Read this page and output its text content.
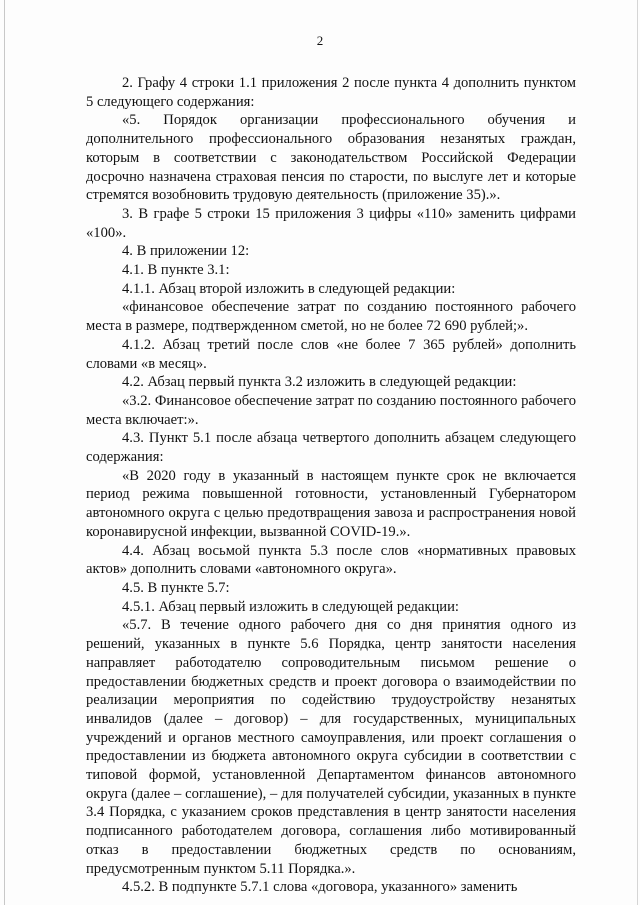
2

2. Графу 4 строки 1.1 приложения 2 после пункта 4 дополнить пунктом 5 следующего содержания:

«5. Порядок организации профессионального обучения и дополнительного профессионального образования незанятых граждан, которым в соответствии с законодательством Российской Федерации досрочно назначена страховая пенсия по старости, по выслуге лет и которые стремятся возобновить трудовую деятельность (приложение 35).».

3. В графе 5 строки 15 приложения 3 цифры «110» заменить цифрами «100».

4. В приложении 12:

4.1. В пункте 3.1:

4.1.1. Абзац второй изложить в следующей редакции:

«финансовое обеспечение затрат по созданию постоянного рабочего места в размере, подтвержденном сметой, но не более 72 690 рублей;».

4.1.2. Абзац третий после слов «не более 7 365 рублей» дополнить словами «в месяц».

4.2. Абзац первый пункта 3.2 изложить в следующей редакции:

«3.2. Финансовое обеспечение затрат по созданию постоянного рабочего места включает:».

4.3. Пункт 5.1 после абзаца четвертого дополнить абзацем следующего содержания:

«В 2020 году в указанный в настоящем пункте срок не включается период режима повышенной готовности, установленный Губернатором автономного округа с целью предотвращения завоза и распространения новой коронавирусной инфекции, вызванной COVID-19.».

4.4. Абзац восьмой пункта 5.3 после слов «нормативных правовых актов» дополнить словами «автономного округа».

4.5. В пункте 5.7:

4.5.1. Абзац первый изложить в следующей редакции:

«5.7. В течение одного рабочего дня со дня принятия одного из решений, указанных в пункте 5.6 Порядка, центр занятости населения направляет работодателю сопроводительным письмом решение о предоставлении бюджетных средств и проект договора о взаимодействии по реализации мероприятия по содействию трудоустройству незанятых инвалидов (далее – договор) – для государственных, муниципальных учреждений и органов местного самоуправления, или проект соглашения о предоставлении из бюджета автономного округа субсидии в соответствии с типовой формой, установленной Департаментом финансов автономного округа (далее – соглашение), – для получателей субсидии, указанных в пункте 3.4 Порядка, с указанием сроков представления в центр занятости населения подписанного работодателем договора, соглашения либо мотивированный отказ в предоставлении бюджетных средств по основаниям, предусмотренным пунктом 5.11 Порядка.».

4.5.2. В подпункте 5.7.1 слова «договора, указанного» заменить
